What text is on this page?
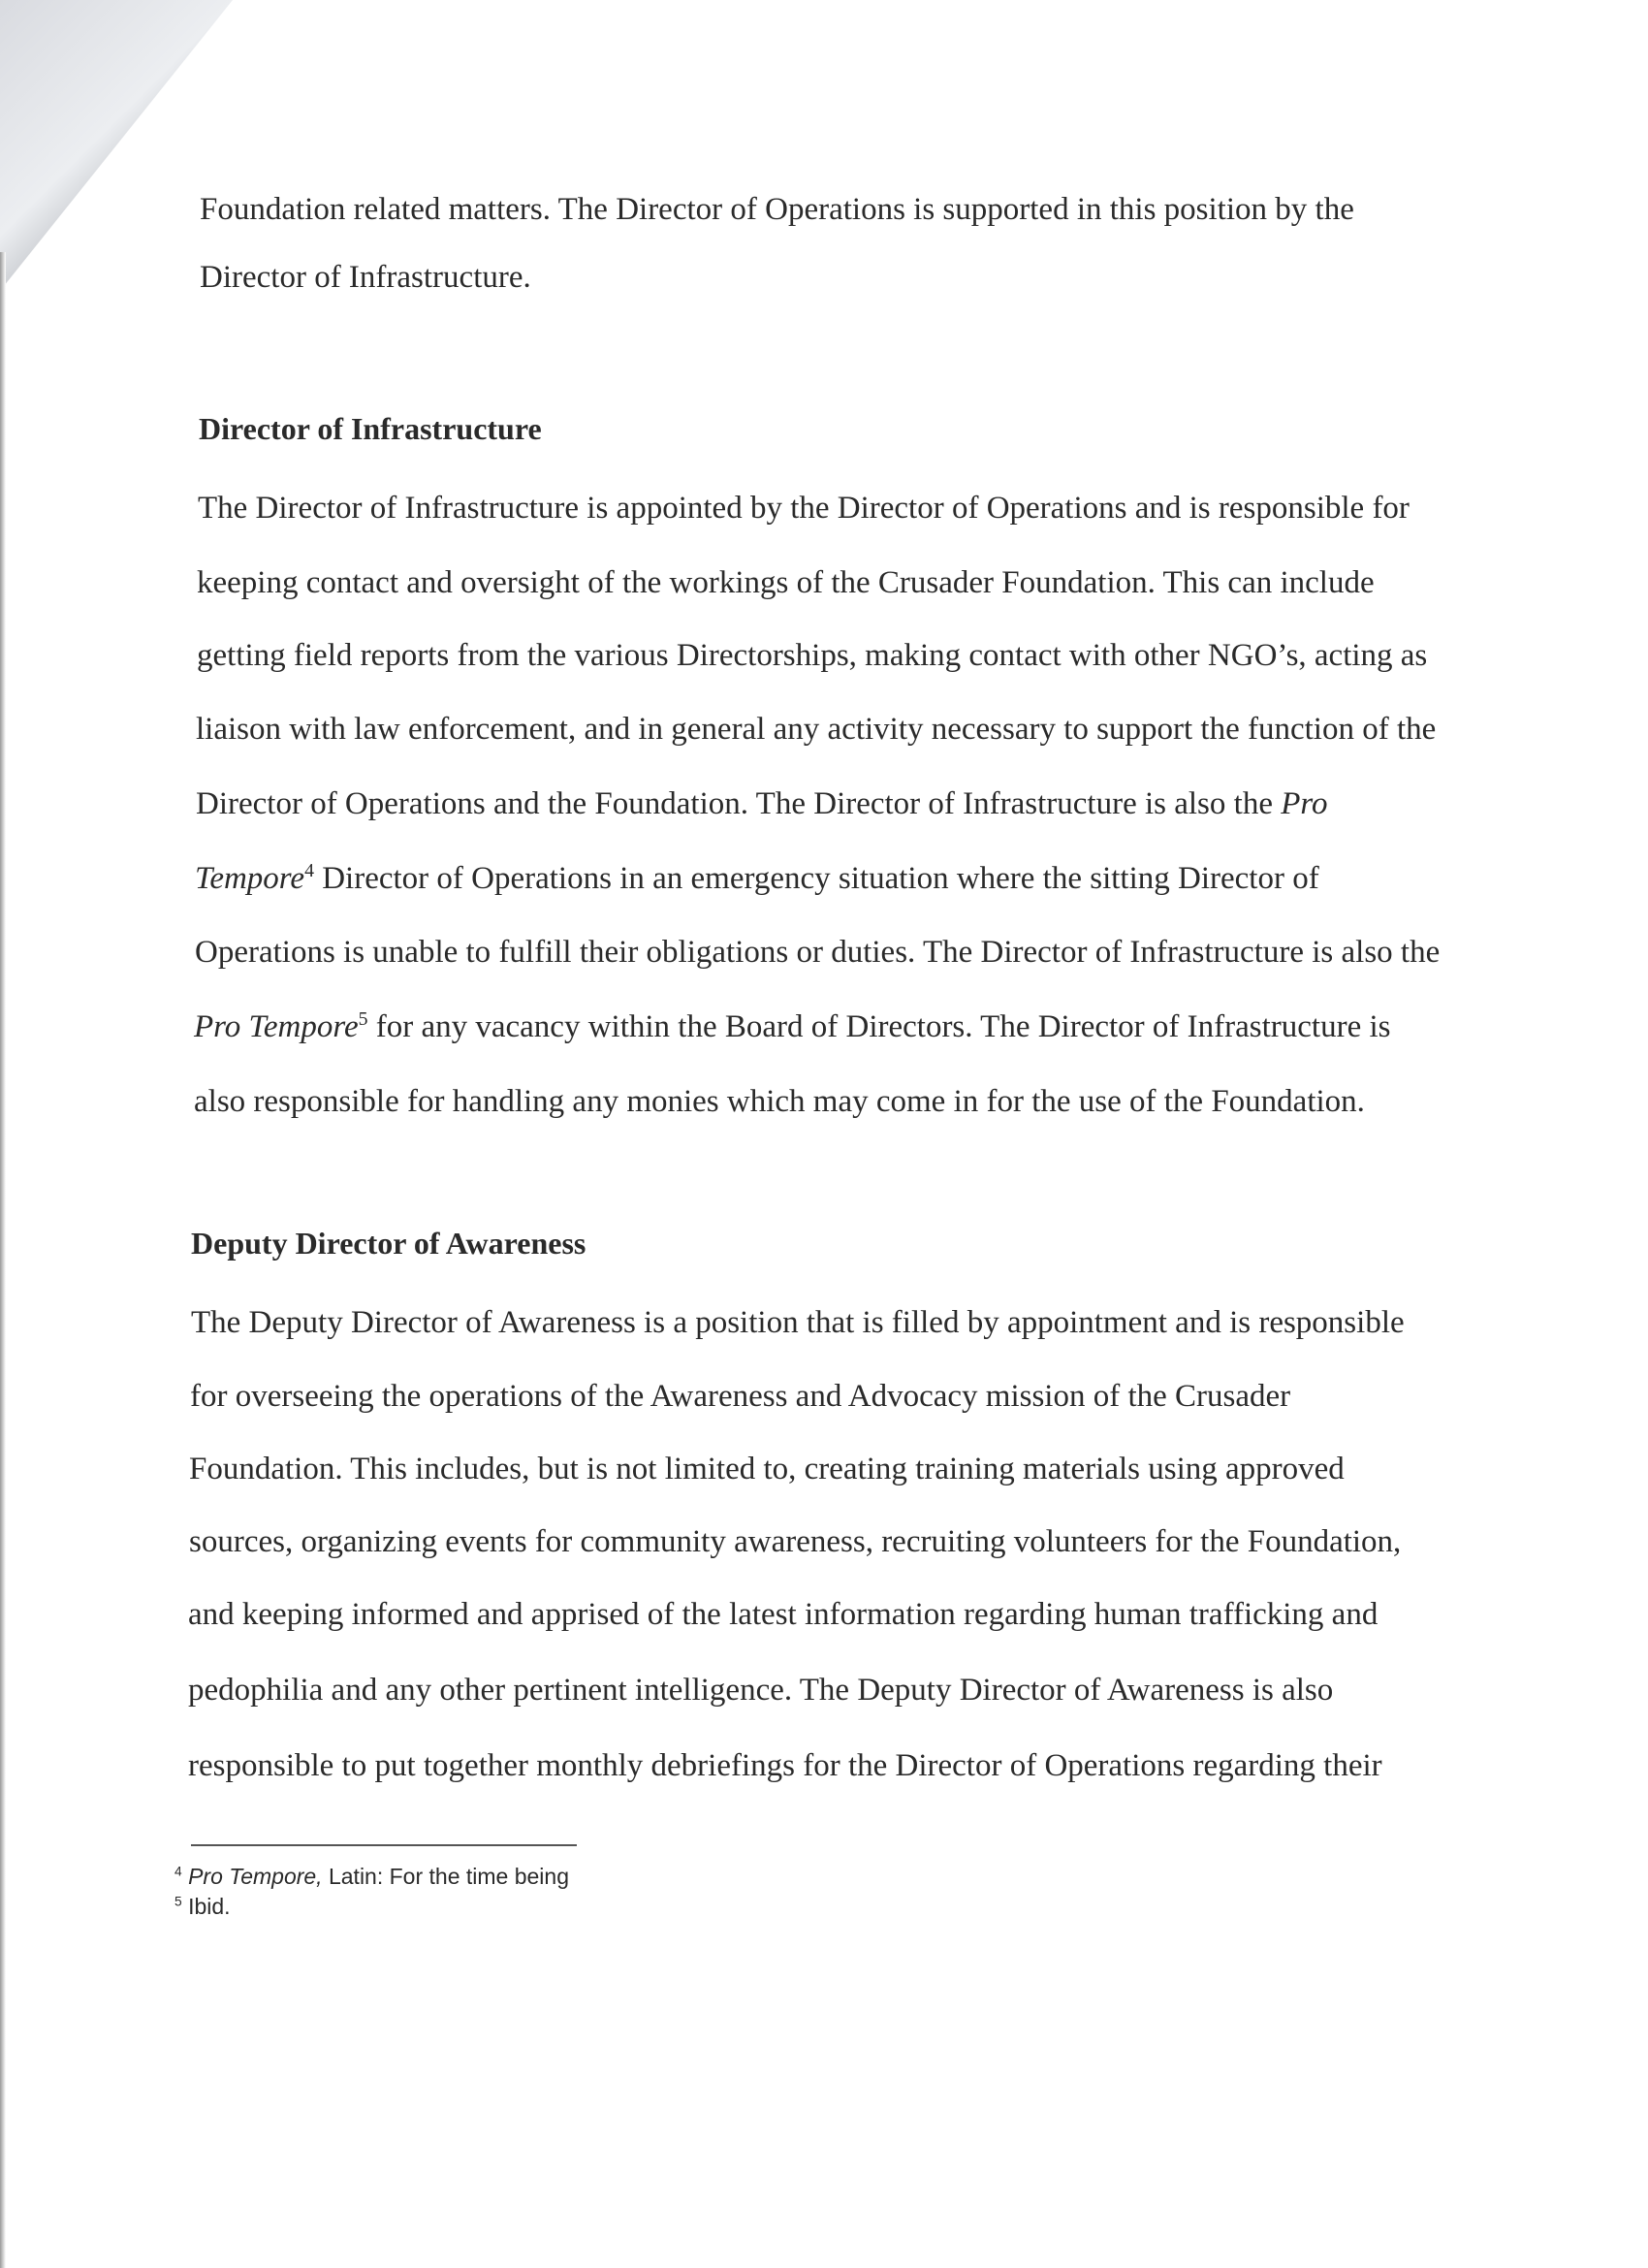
Foundation related matters. The Director of Operations is supported in this position by the
Director of Infrastructure.
Director of Infrastructure
The Director of Infrastructure is appointed by the Director of Operations and is responsible for
keeping contact and oversight of the workings of the Crusader Foundation. This can include
getting field reports from the various Directorships, making contact with other NGO’s, acting as
liaison with law enforcement, and in general any activity necessary to support the function of the
Director of Operations and the Foundation. The Director of Infrastructure is also the Pro
Tempore$^4$ Director of Operations in an emergency situation where the sitting Director of
Operations is unable to fulfill their obligations or duties. The Director of Infrastructure is also the
Pro Tempore$^5$ for any vacancy within the Board of Directors. The Director of Infrastructure is
also responsible for handling any monies which may come in for the use of the Foundation.
Deputy Director of Awareness
The Deputy Director of Awareness is a position that is filled by appointment and is responsible
for overseeing the operations of the Awareness and Advocacy mission of the Crusader
Foundation. This includes, but is not limited to, creating training materials using approved
sources, organizing events for community awareness, recruiting volunteers for the Foundation,
and keeping informed and apprised of the latest information regarding human trafficking and
pedophilia and any other pertinent intelligence. The Deputy Director of Awareness is also
responsible to put together monthly debriefings for the Director of Operations regarding their
$^4$ Pro Tempore, Latin: For the time being
$^5$ Ibid.
